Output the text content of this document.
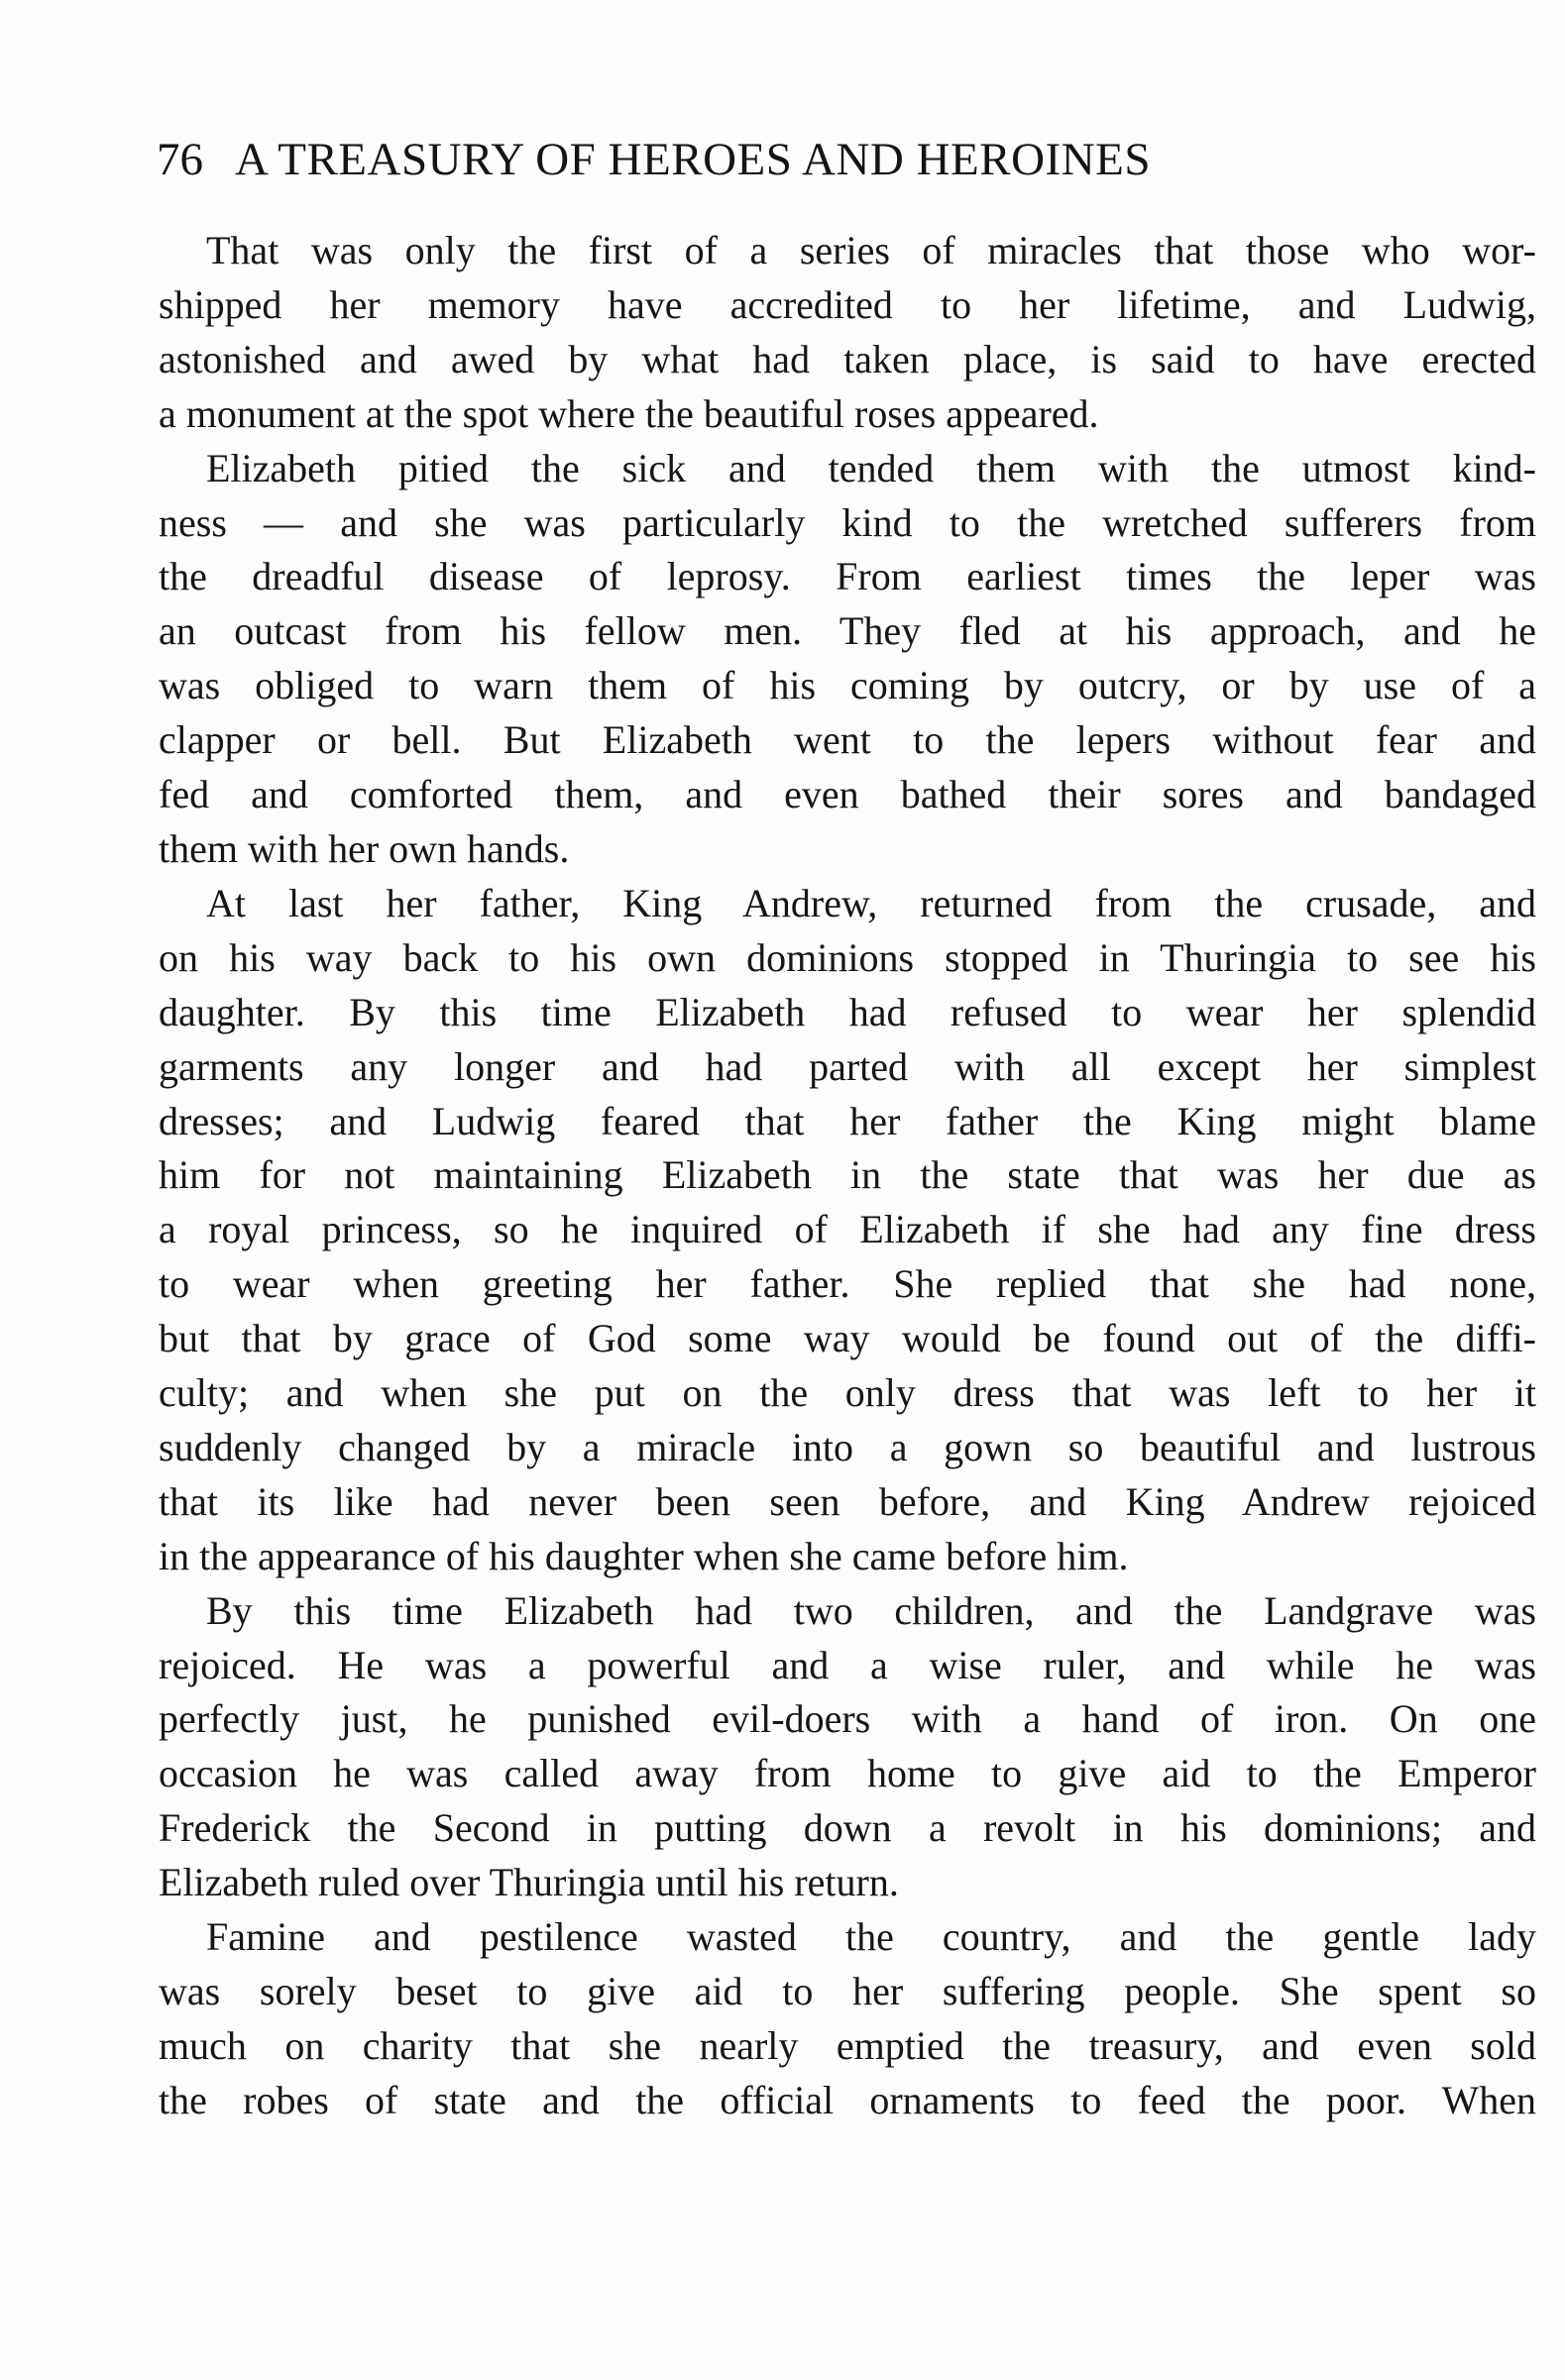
76 A TREASURY OF HEROES AND HEROINES
That was only the first of a series of miracles that those who wor-
shipped her memory have accredited to her lifetime, and Ludwig,
astonished and awed by what had taken place, is said to have erected
a monument at the spot where the beautiful roses appeared.
Elizabeth pitied the sick and tended them with the utmost kind-
ness — and she was particularly kind to the wretched sufferers from
the dreadful disease of leprosy. From earliest times the leper was
an outcast from his fellow men. They fled at his approach, and he
was obliged to warn them of his coming by outcry, or by use of a
clapper or bell. But Elizabeth went to the lepers without fear and
fed and comforted them, and even bathed their sores and bandaged
them with her own hands.
At last her father, King Andrew, returned from the crusade, and
on his way back to his own dominions stopped in Thuringia to see his
daughter. By this time Elizabeth had refused to wear her splendid
garments any longer and had parted with all except her simplest
dresses; and Ludwig feared that her father the King might blame
him for not maintaining Elizabeth in the state that was her due as
a royal princess, so he inquired of Elizabeth if she had any fine dress
to wear when greeting her father. She replied that she had none,
but that by grace of God some way would be found out of the diffi-
culty; and when she put on the only dress that was left to her it
suddenly changed by a miracle into a gown so beautiful and lustrous
that its like had never been seen before, and King Andrew rejoiced
in the appearance of his daughter when she came before him.
By this time Elizabeth had two children, and the Landgrave was
rejoiced. He was a powerful and a wise ruler, and while he was
perfectly just, he punished evil-doers with a hand of iron. On one
occasion he was called away from home to give aid to the Emperor
Frederick the Second in putting down a revolt in his dominions; and
Elizabeth ruled over Thuringia until his return.
Famine and pestilence wasted the country, and the gentle lady
was sorely beset to give aid to her suffering people. She spent so
much on charity that she nearly emptied the treasury, and even sold
the robes of state and the official ornaments to feed the poor. When
